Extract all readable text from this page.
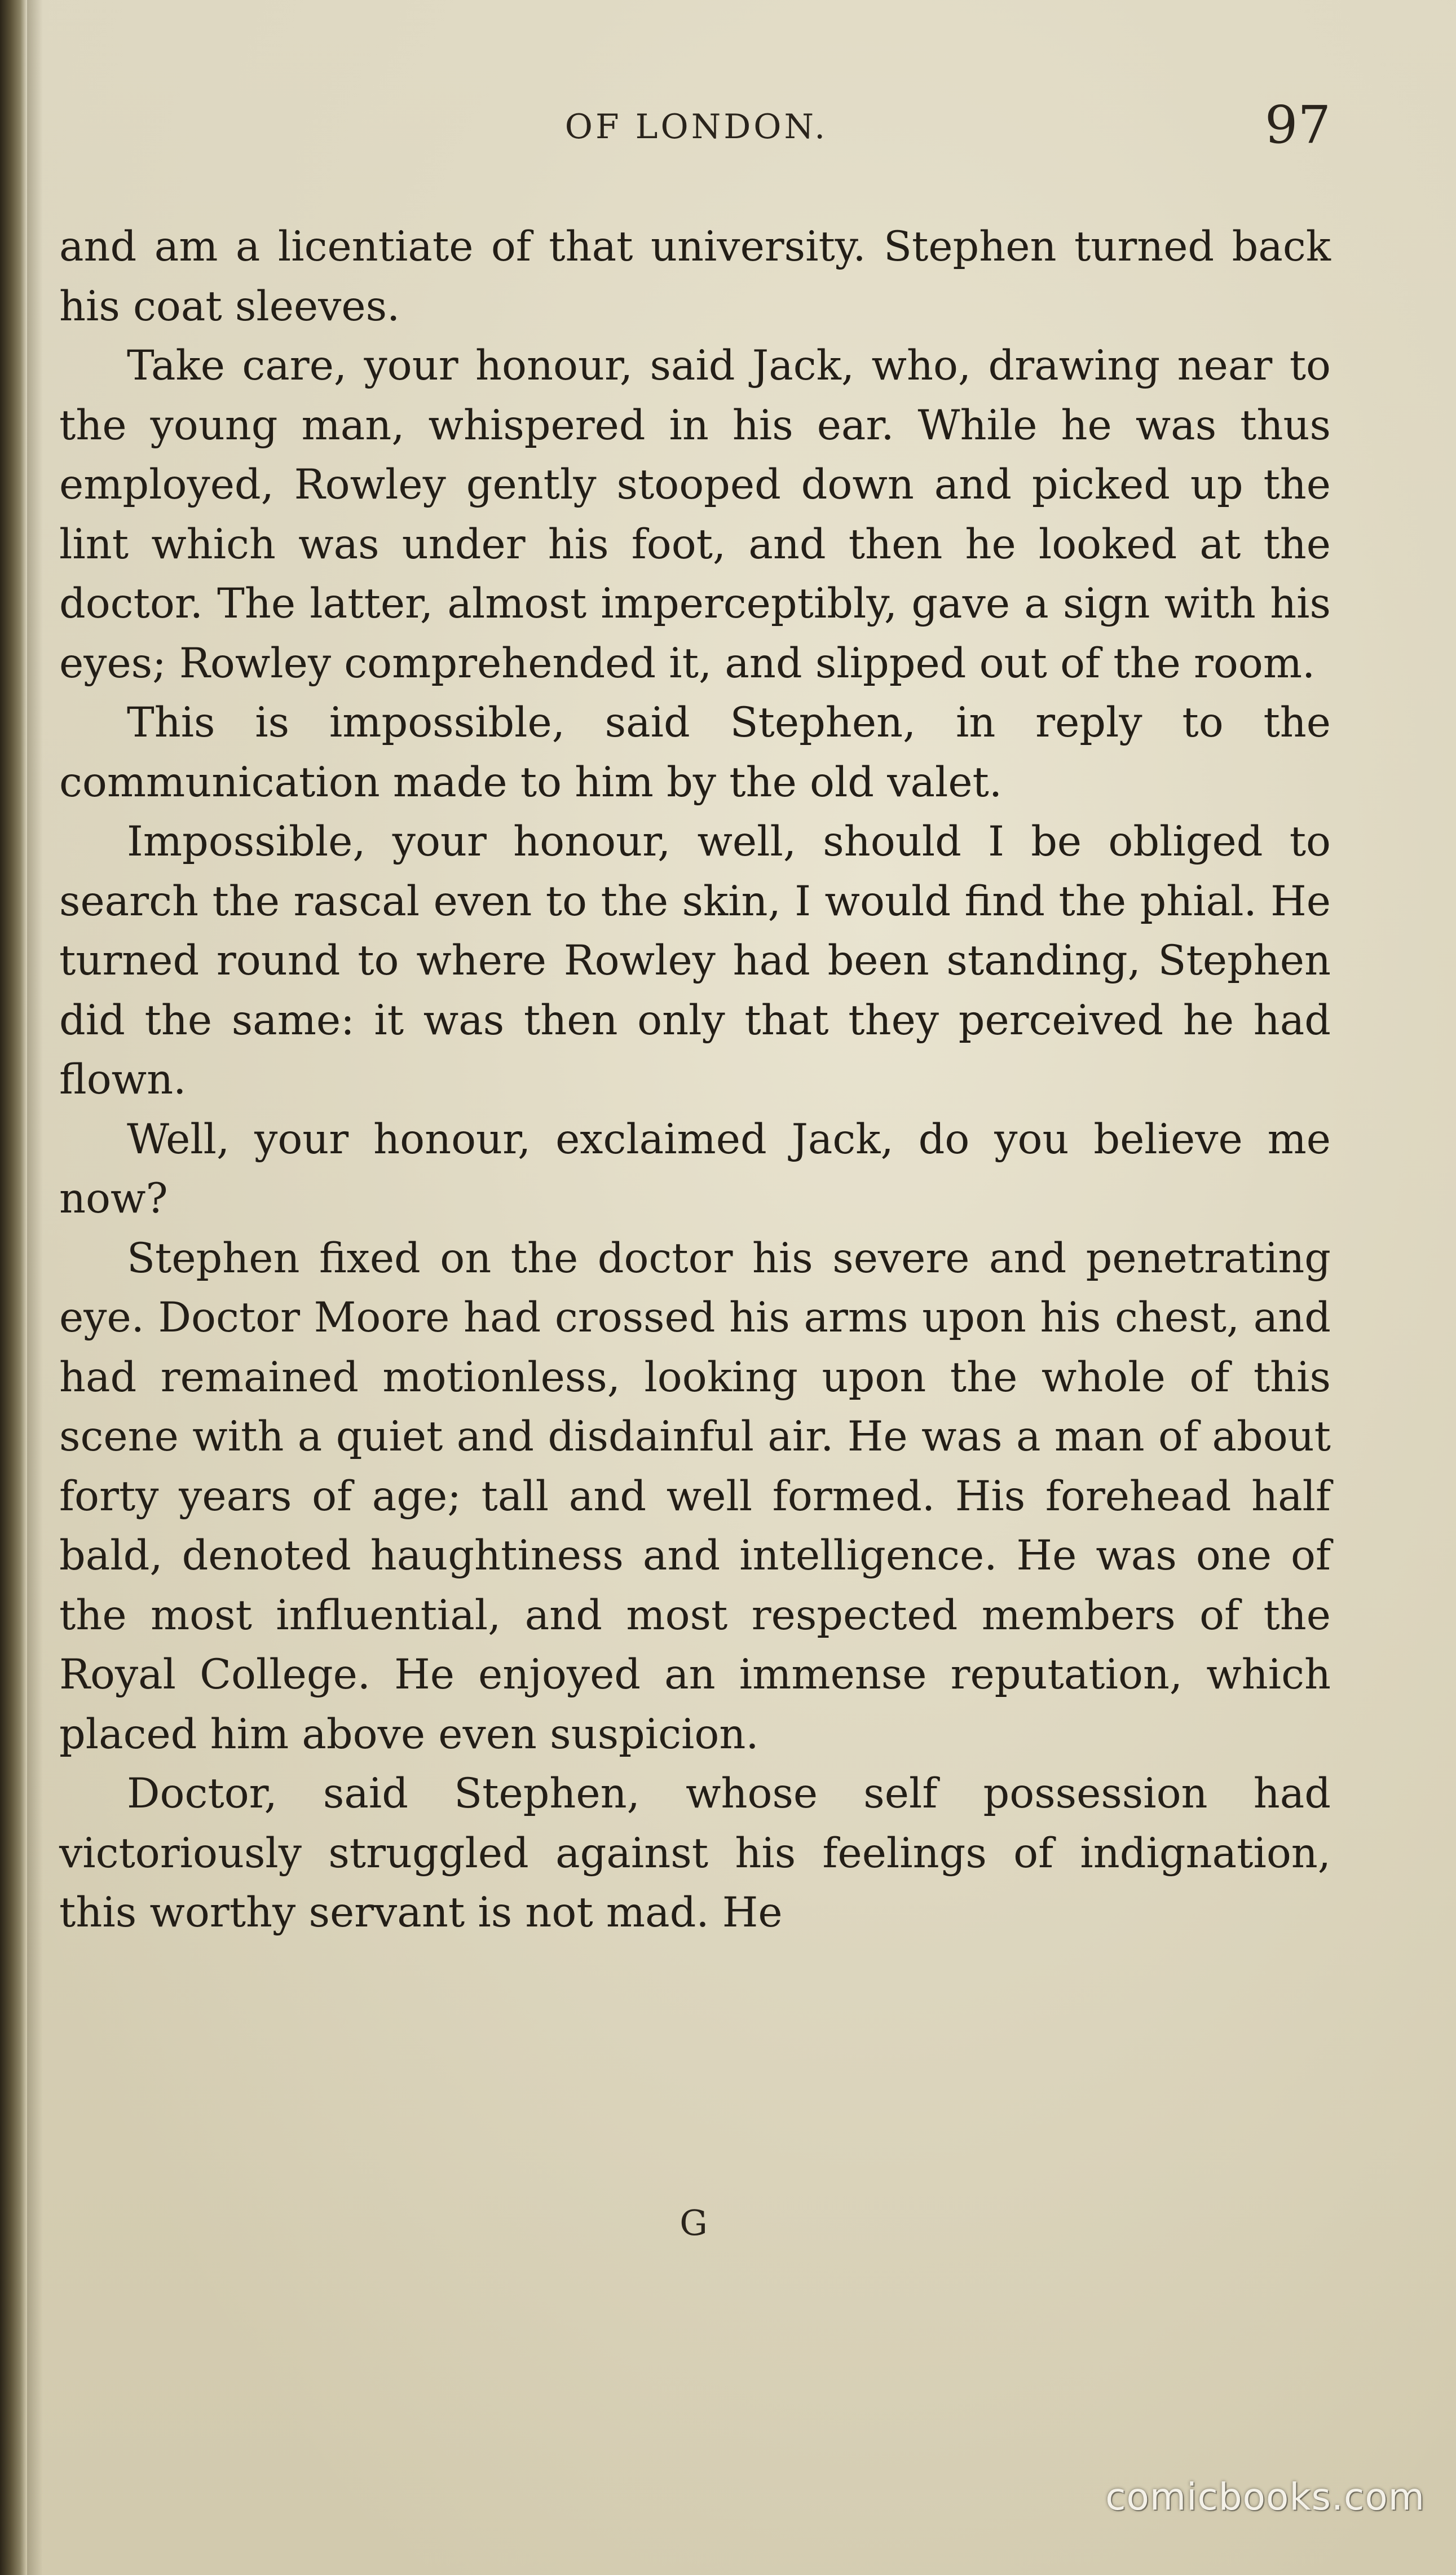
OF LONDON.	97

and am a licentiate of that university. Stephen turned back his coat sleeves.

Take care, your honour, said Jack, who, drawing near to the young man, whispered in his ear. While he was thus employed, Rowley gently stooped down and picked up the lint which was under his foot, and then he looked at the doctor. The latter, almost imperceptibly, gave a sign with his eyes; Rowley comprehended it, and slipped out of the room.

This is impossible, said Stephen, in reply to the communication made to him by the old valet.

Impossible, your honour, well, should I be obliged to search the rascal even to the skin, I would find the phial. He turned round to where Rowley had been standing, Stephen did the same: it was then only that they perceived he had flown.

Well, your honour, exclaimed Jack, do you believe me now?

Stephen fixed on the doctor his severe and penetrating eye. Doctor Moore had crossed his arms upon his chest, and had remained motionless, looking upon the whole of this scene with a quiet and disdainful air. He was a man of about forty years of age; tall and well formed. His forehead half bald, denoted haughtiness and intelligence. He was one of the most influential, and most respected members of the Royal College. He enjoyed an immense reputation, which placed him above even suspicion.

Doctor, said Stephen, whose self possession had victoriously struggled against his feelings of indignation, this worthy servant is not mad. He

G
comicbooks.com
